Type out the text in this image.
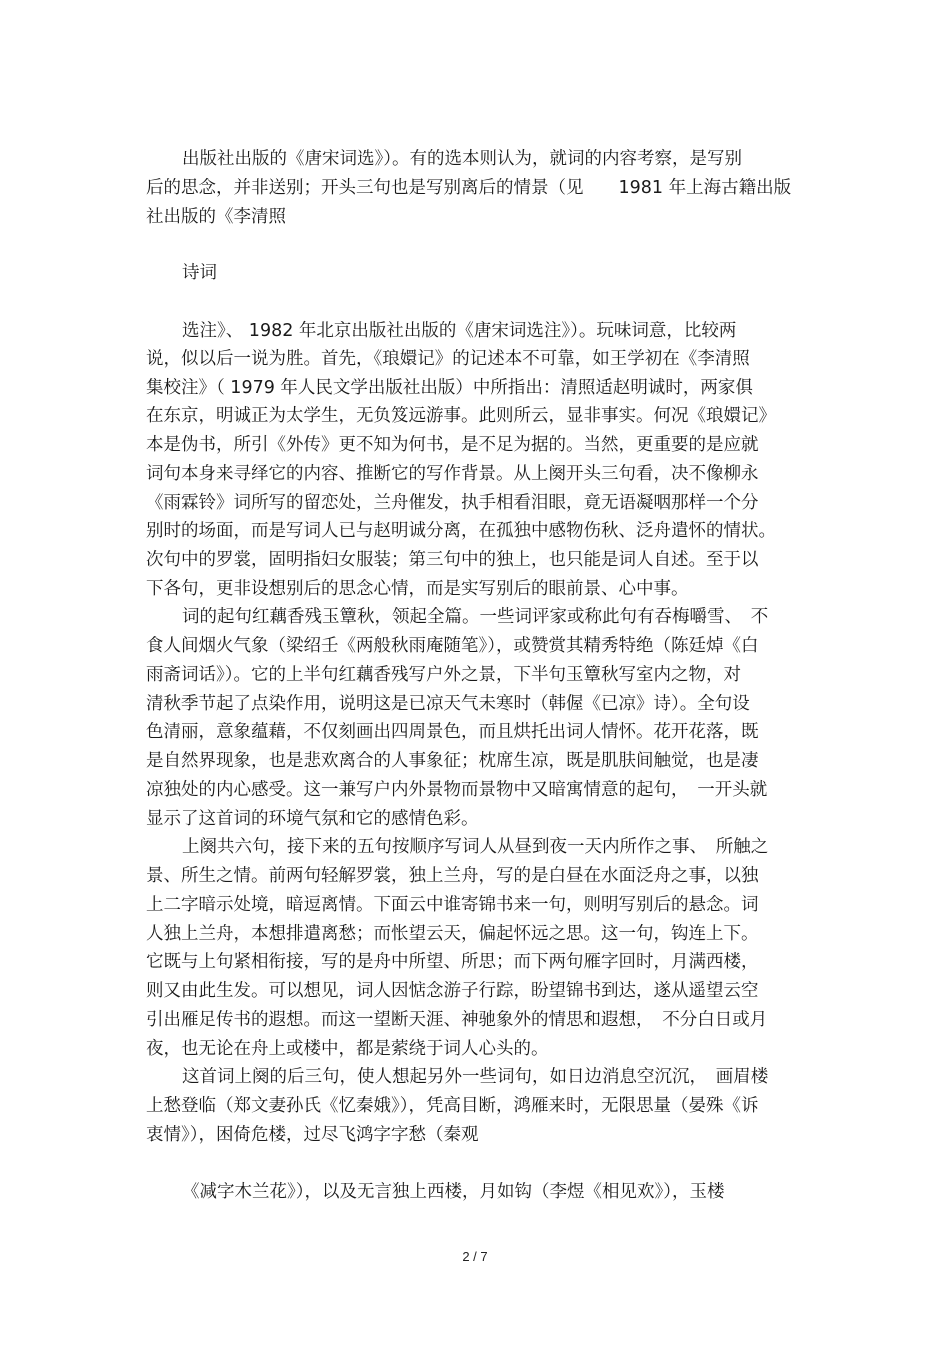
出版社出版的《唐宋词选》）。有的选本则认为，就词的内容考察，是写别
后的思念，并非送别；开头三句也是写别离后的情景（见　　1981 年上海古籍出版
社出版的《李清照
诗词
选注》、 1982 年北京出版社出版的《唐宋词选注》）。玩味词意，比较两
说，似以后一说为胜。首先，《琅嬛记》的记述本不可靠，如王学初在《李清照
集校注》（ 1979 年人民文学出版社出版）中所指出：清照适赵明诚时，两家俱
在东京，明诚正为太学生，无负笈远游事。此则所云，显非事实。何况《琅嬛记》
本是伪书，所引《外传》更不知为何书，是不足为据的。当然，更重要的是应就
词句本身来寻绎它的内容、推断它的写作背景。从上阕开头三句看，决不像柳永
《雨霖铃》词所写的留恋处，兰舟催发，执手相看泪眼，竟无语凝咽那样一个分
别时的场面，而是写词人已与赵明诚分离，在孤独中感物伤秋、泛舟遣怀的情状。
次句中的罗裳，固明指妇女服装；第三句中的独上，也只能是词人自述。至于以
下各句，更非设想别后的思念心情，而是实写别后的眼前景、心中事。
词的起句红藕香残玉簟秋，领起全篇。一些词评家或称此句有吞梅嚼雪、　不
食人间烟火气象（梁绍壬《两般秋雨庵随笔》），或赞赏其精秀特绝（陈廷焯《白
雨斋词话》）。它的上半句红藕香残写户外之景，下半句玉簟秋写室内之物，对
清秋季节起了点染作用，说明这是已凉天气未寒时（韩偓《已凉》诗）。全句设
色清丽，意象蕴藉，不仅刻画出四周景色，而且烘托出词人情怀。花开花落，既
是自然界现象，也是悲欢离合的人事象征；枕席生凉，既是肌肤间触觉，也是凄
凉独处的内心感受。这一兼写户内外景物而景物中又暗寓情意的起句，　一开头就
显示了这首词的环境气氛和它的感情色彩。
上阕共六句，接下来的五句按顺序写词人从昼到夜一天内所作之事、　所触之
景、所生之情。前两句轻解罗裳，独上兰舟，写的是白昼在水面泛舟之事，以独
上二字暗示处境，暗逗离情。下面云中谁寄锦书来一句，则明写别后的悬念。词
人独上兰舟，本想排遣离愁；而怅望云天，偏起怀远之思。这一句，钩连上下。
它既与上句紧相衔接，写的是舟中所望、所思；而下两句雁字回时，月满西楼，
则又由此生发。可以想见，词人因惦念游子行踪，盼望锦书到达，遂从遥望云空
引出雁足传书的遐想。而这一望断天涯、神驰象外的情思和遐想，　不分白日或月
夜，也无论在舟上或楼中，都是萦绕于词人心头的。
这首词上阕的后三句，使人想起另外一些词句，如日边消息空沉沉，　画眉楼
上愁登临（郑文妻孙氏《忆秦娥》），凭高目断，鸿雁来时，无限思量（晏殊《诉
衷情》），困倚危楼，过尽飞鸿字字愁（秦观
《减字木兰花》），以及无言独上西楼，月如钩（李煜《相见欢》），玉楼
2 / 7
